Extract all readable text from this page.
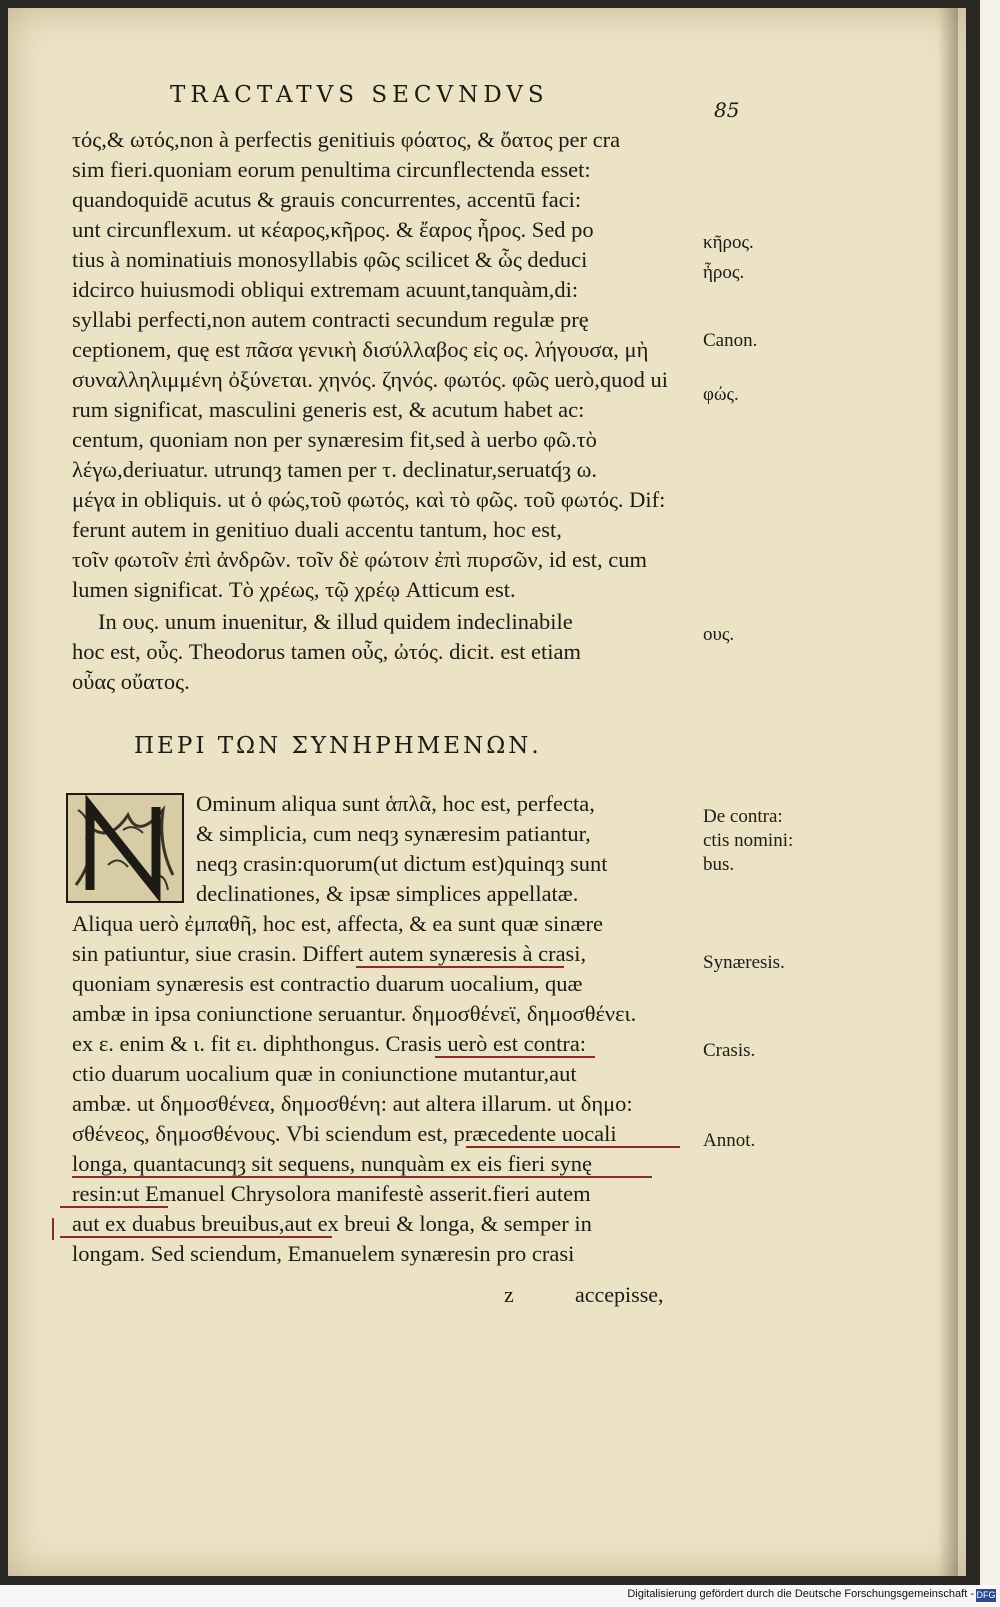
TRACTATVS SECVNDVS
85
τός,& ωτός,non à perfectis genitiuis φόατος, & ὄατος per cra
sim fieri.quoniam eorum penultima circunflectenda esset:
quandoquidē acutus & grauis concurrentes, accentū faci:
unt circunflexum. ut κέαρος,κῆρος. & ἔαρος ἦρος. Sed po
tius à nominatiuis monosyllabis φῶς scilicet & ὧς deduci
idcirco huiusmodi obliqui extremam acuunt,tanquàm,di:
syllabi perfecti,non autem contracti secundum regulæ prę
ceptionem, quę est πᾶσα γενικὴ δισύλλαβος εἰς ος. λήγουσα, μὴ
συναλληλιμμένη ὀξύνεται. χηνός. ζηνός. φωτός. φῶς uerò,quod ui
rum significat, masculini generis est, & acutum habet ac:
centum, quoniam non per synæresim fit,sed à uerbo φῶ.τὸ
λέγω,deriuatur. utrunqȝ tamen per τ. declinatur,seruatq́ȝ ω.
μέγα in obliquis. ut ὁ φώς,τοῦ φωτός, καὶ τὸ φῶς. τοῦ φωτός. Dif:
ferunt autem in genitiuo duali accentu tantum, hoc est,
τοῖν φωτοῖν ἐπὶ ἀνδρῶν. τοῖν δὲ φώτοιν ἐπὶ πυρσῶν, id est, cum
lumen significat. Τὸ χρέως, τῷ χρέῳ Atticum est.
In ους. unum inuenitur, & illud quidem indeclinabile
hoc est, οὖς. Theodorus tamen οὖς, ὠτός. dicit. est etiam
οὖας οὔατος.
ΠΕΡΙ ΤΩΝ ΣΥΝΗΡΗΜΕΝΩΝ.
Ominum aliqua sunt ἁπλᾶ, hoc est, perfecta,
& simplicia, cum neqȝ synæresim patiantur,
neqȝ crasin:quorum(ut dictum est)quinqȝ sunt
declinationes, & ipsæ simplices appellatæ.
Aliqua uerò ἐμπαθῆ, hoc est, affecta, & ea sunt quæ sinære
sin patiuntur, siue crasin. Differt autem synæresis à crasi,
quoniam synæresis est contractio duarum uocalium, quæ
ambæ in ipsa coniunctione seruantur. δημοσθένεϊ, δημοσθένει.
ex ε. enim & ι. fit ει. diphthongus. Crasis uerò est contra:
ctio duarum uocalium quæ in coniunctione mutantur,aut
ambæ. ut δημοσθένεα, δημοσθένη: aut altera illarum. ut δημο:
σθένεος, δημοσθένους. Vbi sciendum est, præcedente uocali
longa, quantacunqȝ sit sequens, nunquàm ex eis fieri synę
resin:ut Emanuel Chrysolora manifestè asserit.fieri autem
aut ex duabus breuibus,aut ex breui & longa, & semper in
longam. Sed sciendum, Emanuelem synæresin pro crasi
z	accepisse,
κῆρος.
ἦρος.
Canon.
φώς.
ους.
De contra:
ctis nomini:
bus.
Synæresis.
Crasis.
Annot.
Digitalisierung gefördert durch die Deutsche Forschungsgemeinschaft - DFG
